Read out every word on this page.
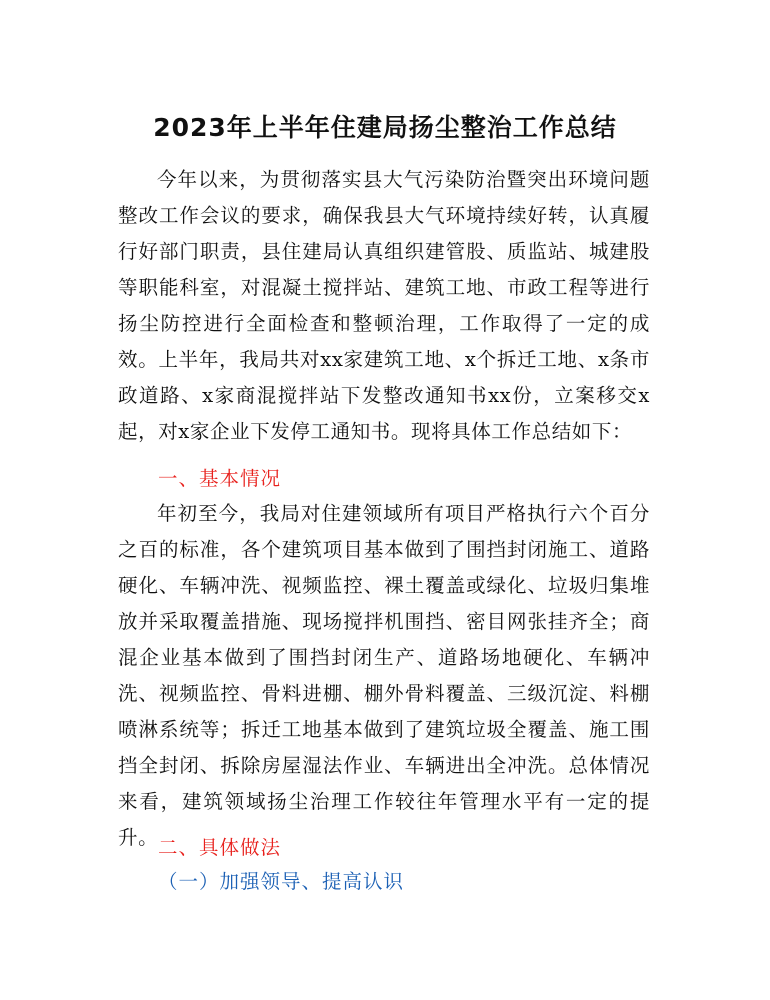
2023年上半年住建局扬尘整治工作总结

今年以来，为贯彻落实县大气污染防治暨突出环境问题整改工作会议的要求，确保我县大气环境持续好转，认真履行好部门职责，县住建局认真组织建管股、质监站、城建股等职能科室，对混凝土搅拌站、建筑工地、市政工程等进行扬尘防控进行全面检查和整顿治理，工作取得了一定的成效。上半年，我局共对xx家建筑工地、x个拆迁工地、x条市政道路、x家商混搅拌站下发整改通知书xx份，立案移交x起，对x家企业下发停工通知书。现将具体工作总结如下：

一、基本情况

年初至今，我局对住建领域所有项目严格执行六个百分之百的标准，各个建筑项目基本做到了围挡封闭施工、道路硬化、车辆冲洗、视频监控、裸土覆盖或绿化、垃圾归集堆放并采取覆盖措施、现场搅拌机围挡、密目网张挂齐全；商混企业基本做到了围挡封闭生产、道路场地硬化、车辆冲洗、视频监控、骨料进棚、棚外骨料覆盖、三级沉淀、料棚喷淋系统等；拆迁工地基本做到了建筑垃圾全覆盖、施工围挡全封闭、拆除房屋湿法作业、车辆进出全冲洗。总体情况来看，建筑领域扬尘治理工作较往年管理水平有一定的提升。 二、具体做法
（一）加强领导、提高认识
